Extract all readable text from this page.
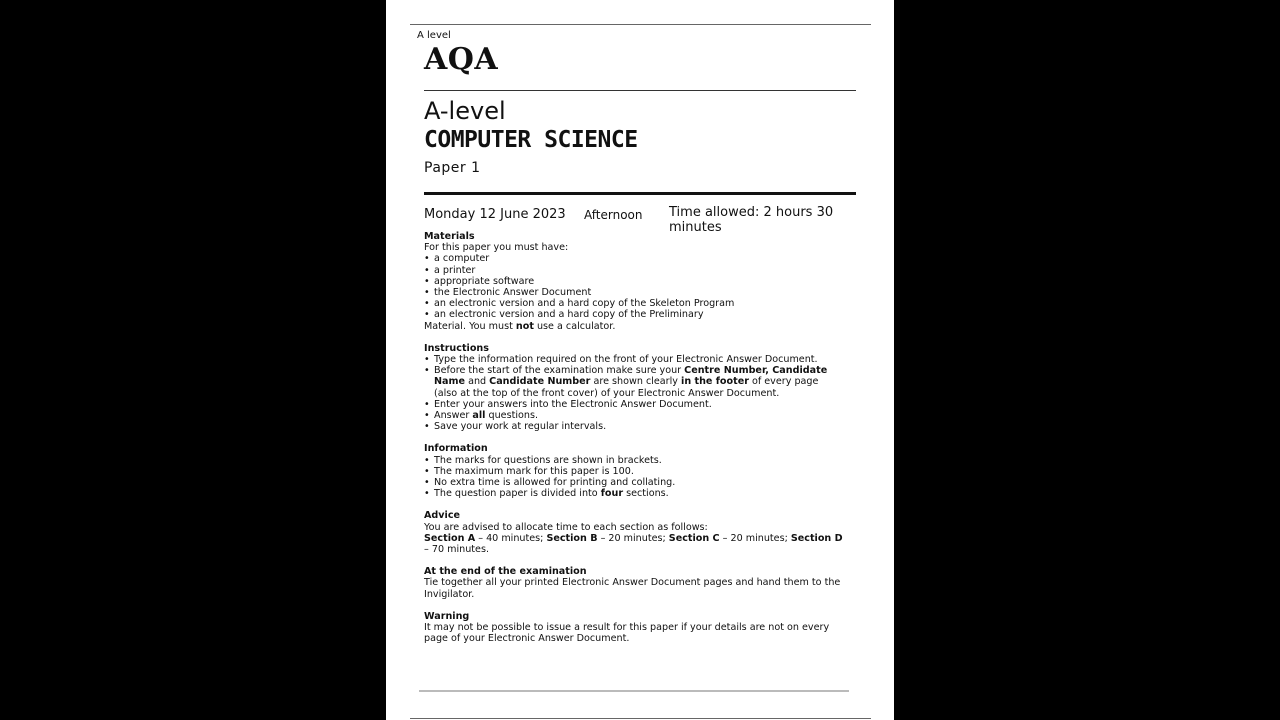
A level
AQA
A-level
COMPUTER SCIENCE
Paper 1
Monday 12 June 2023 Afternoon Time allowed: 2 hours 30 minutes
Materials
For this paper you must have:
• a computer
• a printer
• appropriate software
• the Electronic Answer Document
• an electronic version and a hard copy of the Skeleton Program
• an electronic version and a hard copy of the Preliminary
Material. You must not use a calculator.
Instructions
• Type the information required on the front of your Electronic Answer Document.
• Before the start of the examination make sure your Centre Number, Candidate Name and Candidate Number are shown clearly in the footer of every page (also at the top of the front cover) of your Electronic Answer Document.
• Enter your answers into the Electronic Answer Document.
• Answer all questions.
• Save your work at regular intervals.
Information
• The marks for questions are shown in brackets.
• The maximum mark for this paper is 100.
• No extra time is allowed for printing and collating.
• The question paper is divided into four sections.
Advice
You are advised to allocate time to each section as follows:
Section A – 40 minutes; Section B – 20 minutes; Section C – 20 minutes; Section D – 70 minutes.
At the end of the examination
Tie together all your printed Electronic Answer Document pages and hand them to the Invigilator.
Warning
It may not be possible to issue a result for this paper if your details are not on every page of your Electronic Answer Document.
